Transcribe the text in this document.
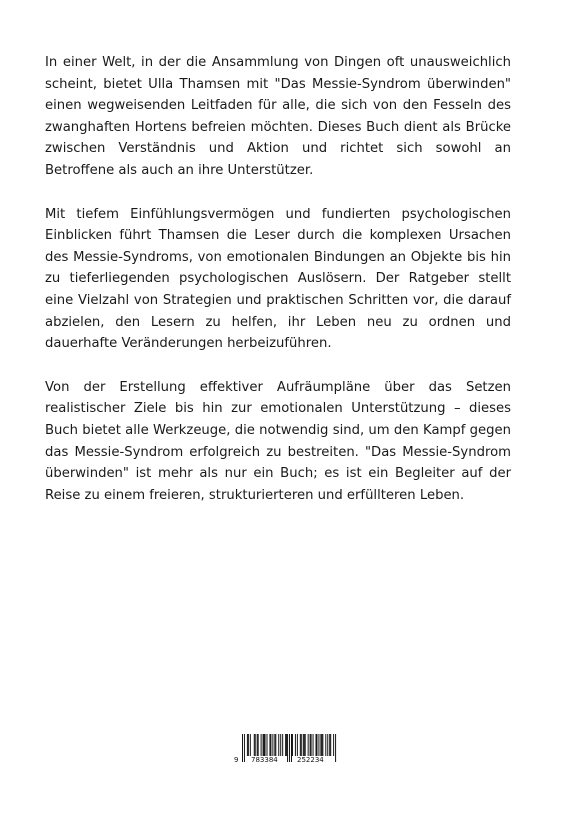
In einer Welt, in der die Ansammlung von Dingen oft unausweichlich scheint, bietet Ulla Thamsen mit "Das Messie-Syndrom überwinden" einen wegweisenden Leitfaden für alle, die sich von den Fesseln des zwanghaften Hortens befreien möchten. Dieses Buch dient als Brücke zwischen Verständnis und Aktion und richtet sich sowohl an Betroffene als auch an ihre Unterstützer.

Mit tiefem Einfühlungsvermögen und fundierten psychologischen Einblicken führt Thamsen die Leser durch die komplexen Ursachen des Messie-Syndroms, von emotionalen Bindungen an Objekte bis hin zu tieferliegenden psychologischen Auslösern. Der Ratgeber stellt eine Vielzahl von Strategien und praktischen Schritten vor, die darauf abzielen, den Lesern zu helfen, ihr Leben neu zu ordnen und dauerhafte Veränderungen herbeizuführen.

Von der Erstellung effektiver Aufräumpläne über das Setzen realistischer Ziele bis hin zur emotionalen Unterstützung – dieses Buch bietet alle Werkzeuge, die notwendig sind, um den Kampf gegen das Messie-Syndrom erfolgreich zu bestreiten. "Das Messie-Syndrom überwinden" ist mehr als nur ein Buch; es ist ein Begleiter auf der Reise zu einem freieren, strukturierteren und erfüllteren Leben.

9 783384	252234
